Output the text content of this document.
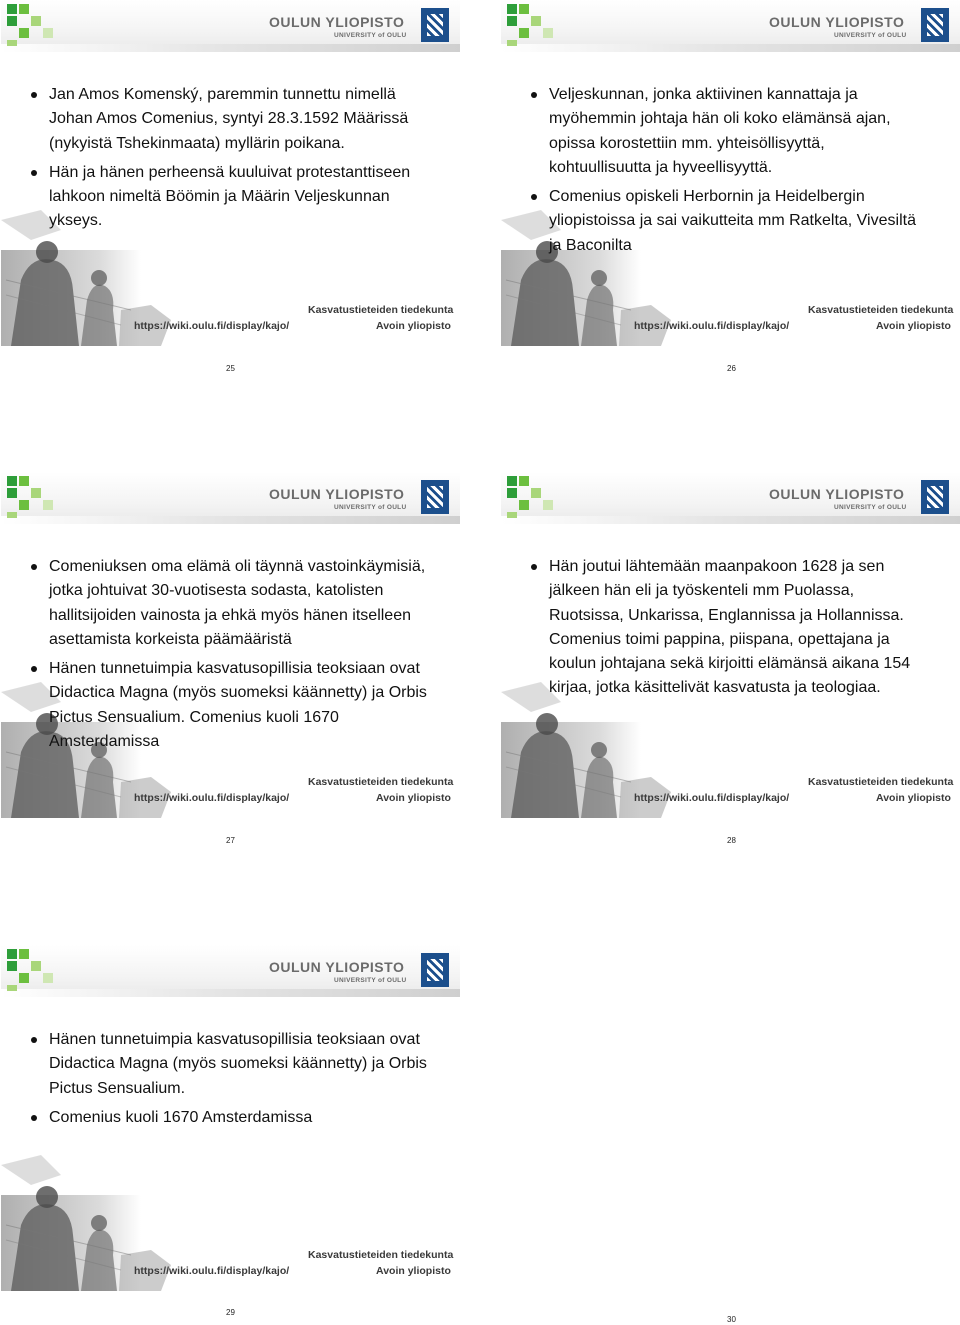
OULUN YLIOPISTO
UNIVERSITY of OULU
Jan Amos Komenský, paremmin tunnettu nimellä Johan Amos Comenius, syntyi 28.3.1592 Määrissä (nykyistä Tshekinmaata) myllärin poikana.
Hän ja hänen perheensä kuuluivat protestanttiseen lahkoon nimeltä Böömin ja Määrin Veljeskunnan ykseys.
https://wiki.oulu.fi/display/kajo/
Kasvatustieteiden tiedekunta
Avoin yliopisto
25
OULUN YLIOPISTO
UNIVERSITY of OULU
Veljeskunnan, jonka aktiivinen kannattaja ja myöhemmin johtaja hän oli koko elämänsä ajan, opissa korostettiin mm. yhteisöllisyyttä, kohtuullisuutta ja hyveellisyyttä.
Comenius opiskeli Herbornin ja Heidelbergin yliopistoissa ja sai vaikutteita mm Ratkelta, Vivesiltä ja Baconilta
https://wiki.oulu.fi/display/kajo/
Kasvatustieteiden tiedekunta
Avoin yliopisto
26
OULUN YLIOPISTO
UNIVERSITY of OULU
Comeniuksen oma elämä oli täynnä vastoinkäymisiä, jotka johtuivat 30-vuotisesta sodasta, katolisten hallitsijoiden vainosta ja ehkä myös hänen itselleen asettamista korkeista päämääristä
Hänen tunnetuimpia kasvatusopillisia teoksiaan ovat Didactica Magna (myös suomeksi käännetty) ja Orbis Pictus Sensualium. Comenius kuoli 1670 Amsterdamissa
https://wiki.oulu.fi/display/kajo/
Kasvatustieteiden tiedekunta
Avoin yliopisto
27
OULUN YLIOPISTO
UNIVERSITY of OULU
Hän joutui lähtemään maanpakoon 1628 ja sen jälkeen hän eli ja työskenteli mm Puolassa, Ruotsissa, Unkarissa, Englannissa ja Hollannissa. Comenius toimi pappina, piispana, opettajana ja koulun johtajana sekä kirjoitti elämänsä aikana 154 kirjaa, jotka käsittelivät kasvatusta ja teologiaa.
https://wiki.oulu.fi/display/kajo/
Kasvatustieteiden tiedekunta
Avoin yliopisto
28
OULUN YLIOPISTO
UNIVERSITY of OULU
Hänen tunnetuimpia kasvatusopillisia teoksiaan ovat Didactica Magna (myös suomeksi käännetty) ja Orbis Pictus Sensualium.
Comenius kuoli 1670 Amsterdamissa
https://wiki.oulu.fi/display/kajo/
Kasvatustieteiden tiedekunta
Avoin yliopisto
29
30
